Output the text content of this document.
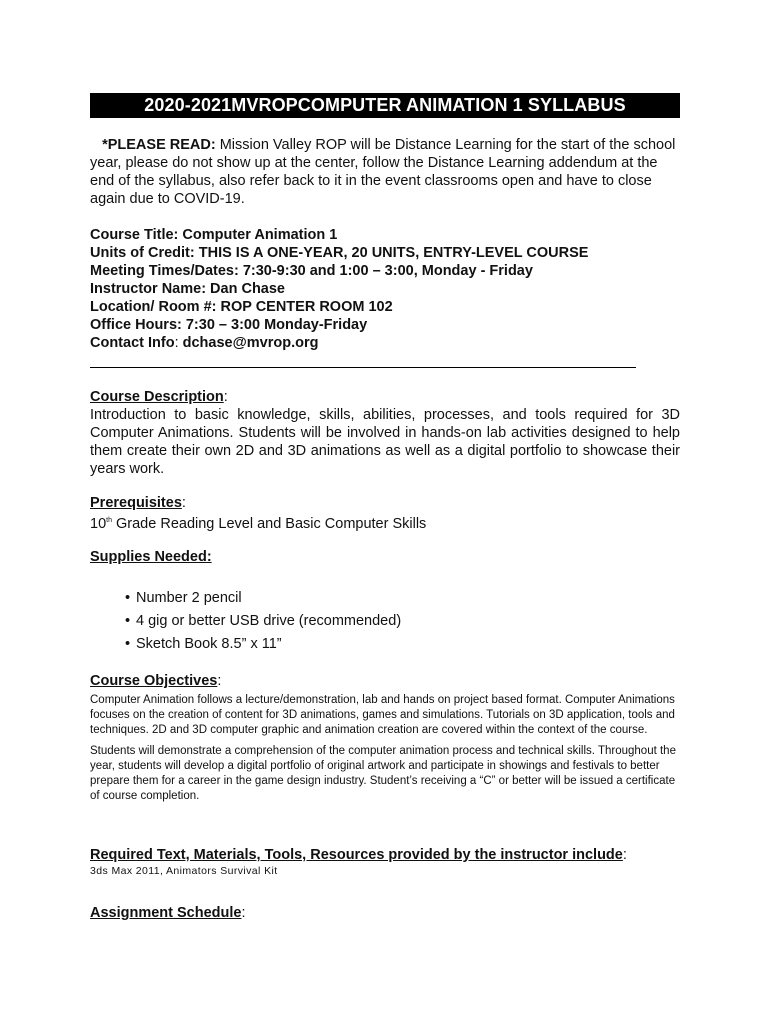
2020-2021MVROPCOMPUTER ANIMATION 1 SYLLABUS
*PLEASE READ: Mission Valley ROP will be Distance Learning for the start of the school year, please do not show up at the center, follow the Distance Learning addendum at the end of the syllabus, also refer back to it in the event classrooms open and have to close again due to COVID-19.
Course Title: Computer Animation 1
Units of Credit: THIS IS A ONE-YEAR, 20 UNITS, ENTRY-LEVEL COURSE
Meeting Times/Dates: 7:30-9:30 and 1:00 – 3:00, Monday - Friday
Instructor Name: Dan Chase
Location/ Room #: ROP CENTER ROOM 102
Office Hours: 7:30 – 3:00 Monday-Friday
Contact Info: dchase@mvrop.org
Course Description:
Introduction to basic knowledge, skills, abilities, processes, and tools required for 3D Computer Animations. Students will be involved in hands-on lab activities designed to help them create their own 2D and 3D animations as well as a digital portfolio to showcase their years work.
Prerequisites:
10th Grade Reading Level and Basic Computer Skills
Supplies Needed:
• Number 2 pencil
• 4 gig or better USB drive (recommended)
• Sketch Book 8.5” x 11”
Course Objectives:
Computer Animation follows a lecture/demonstration, lab and hands on project based format. Computer Animations focuses on the creation of content for 3D animations, games and simulations. Tutorials on 3D application, tools and techniques. 2D and 3D computer graphic and animation creation are covered within the context of the course.
Students will demonstrate a comprehension of the computer animation process and technical skills. Throughout the year, students will develop a digital portfolio of original artwork and participate in showings and festivals to better prepare them for a career in the game design industry. Student’s receiving a “C” or better will be issued a certificate of course completion.
Required Text, Materials, Tools, Resources provided by the instructor include:
3ds Max 2011, Animators Survival Kit
Assignment Schedule:
